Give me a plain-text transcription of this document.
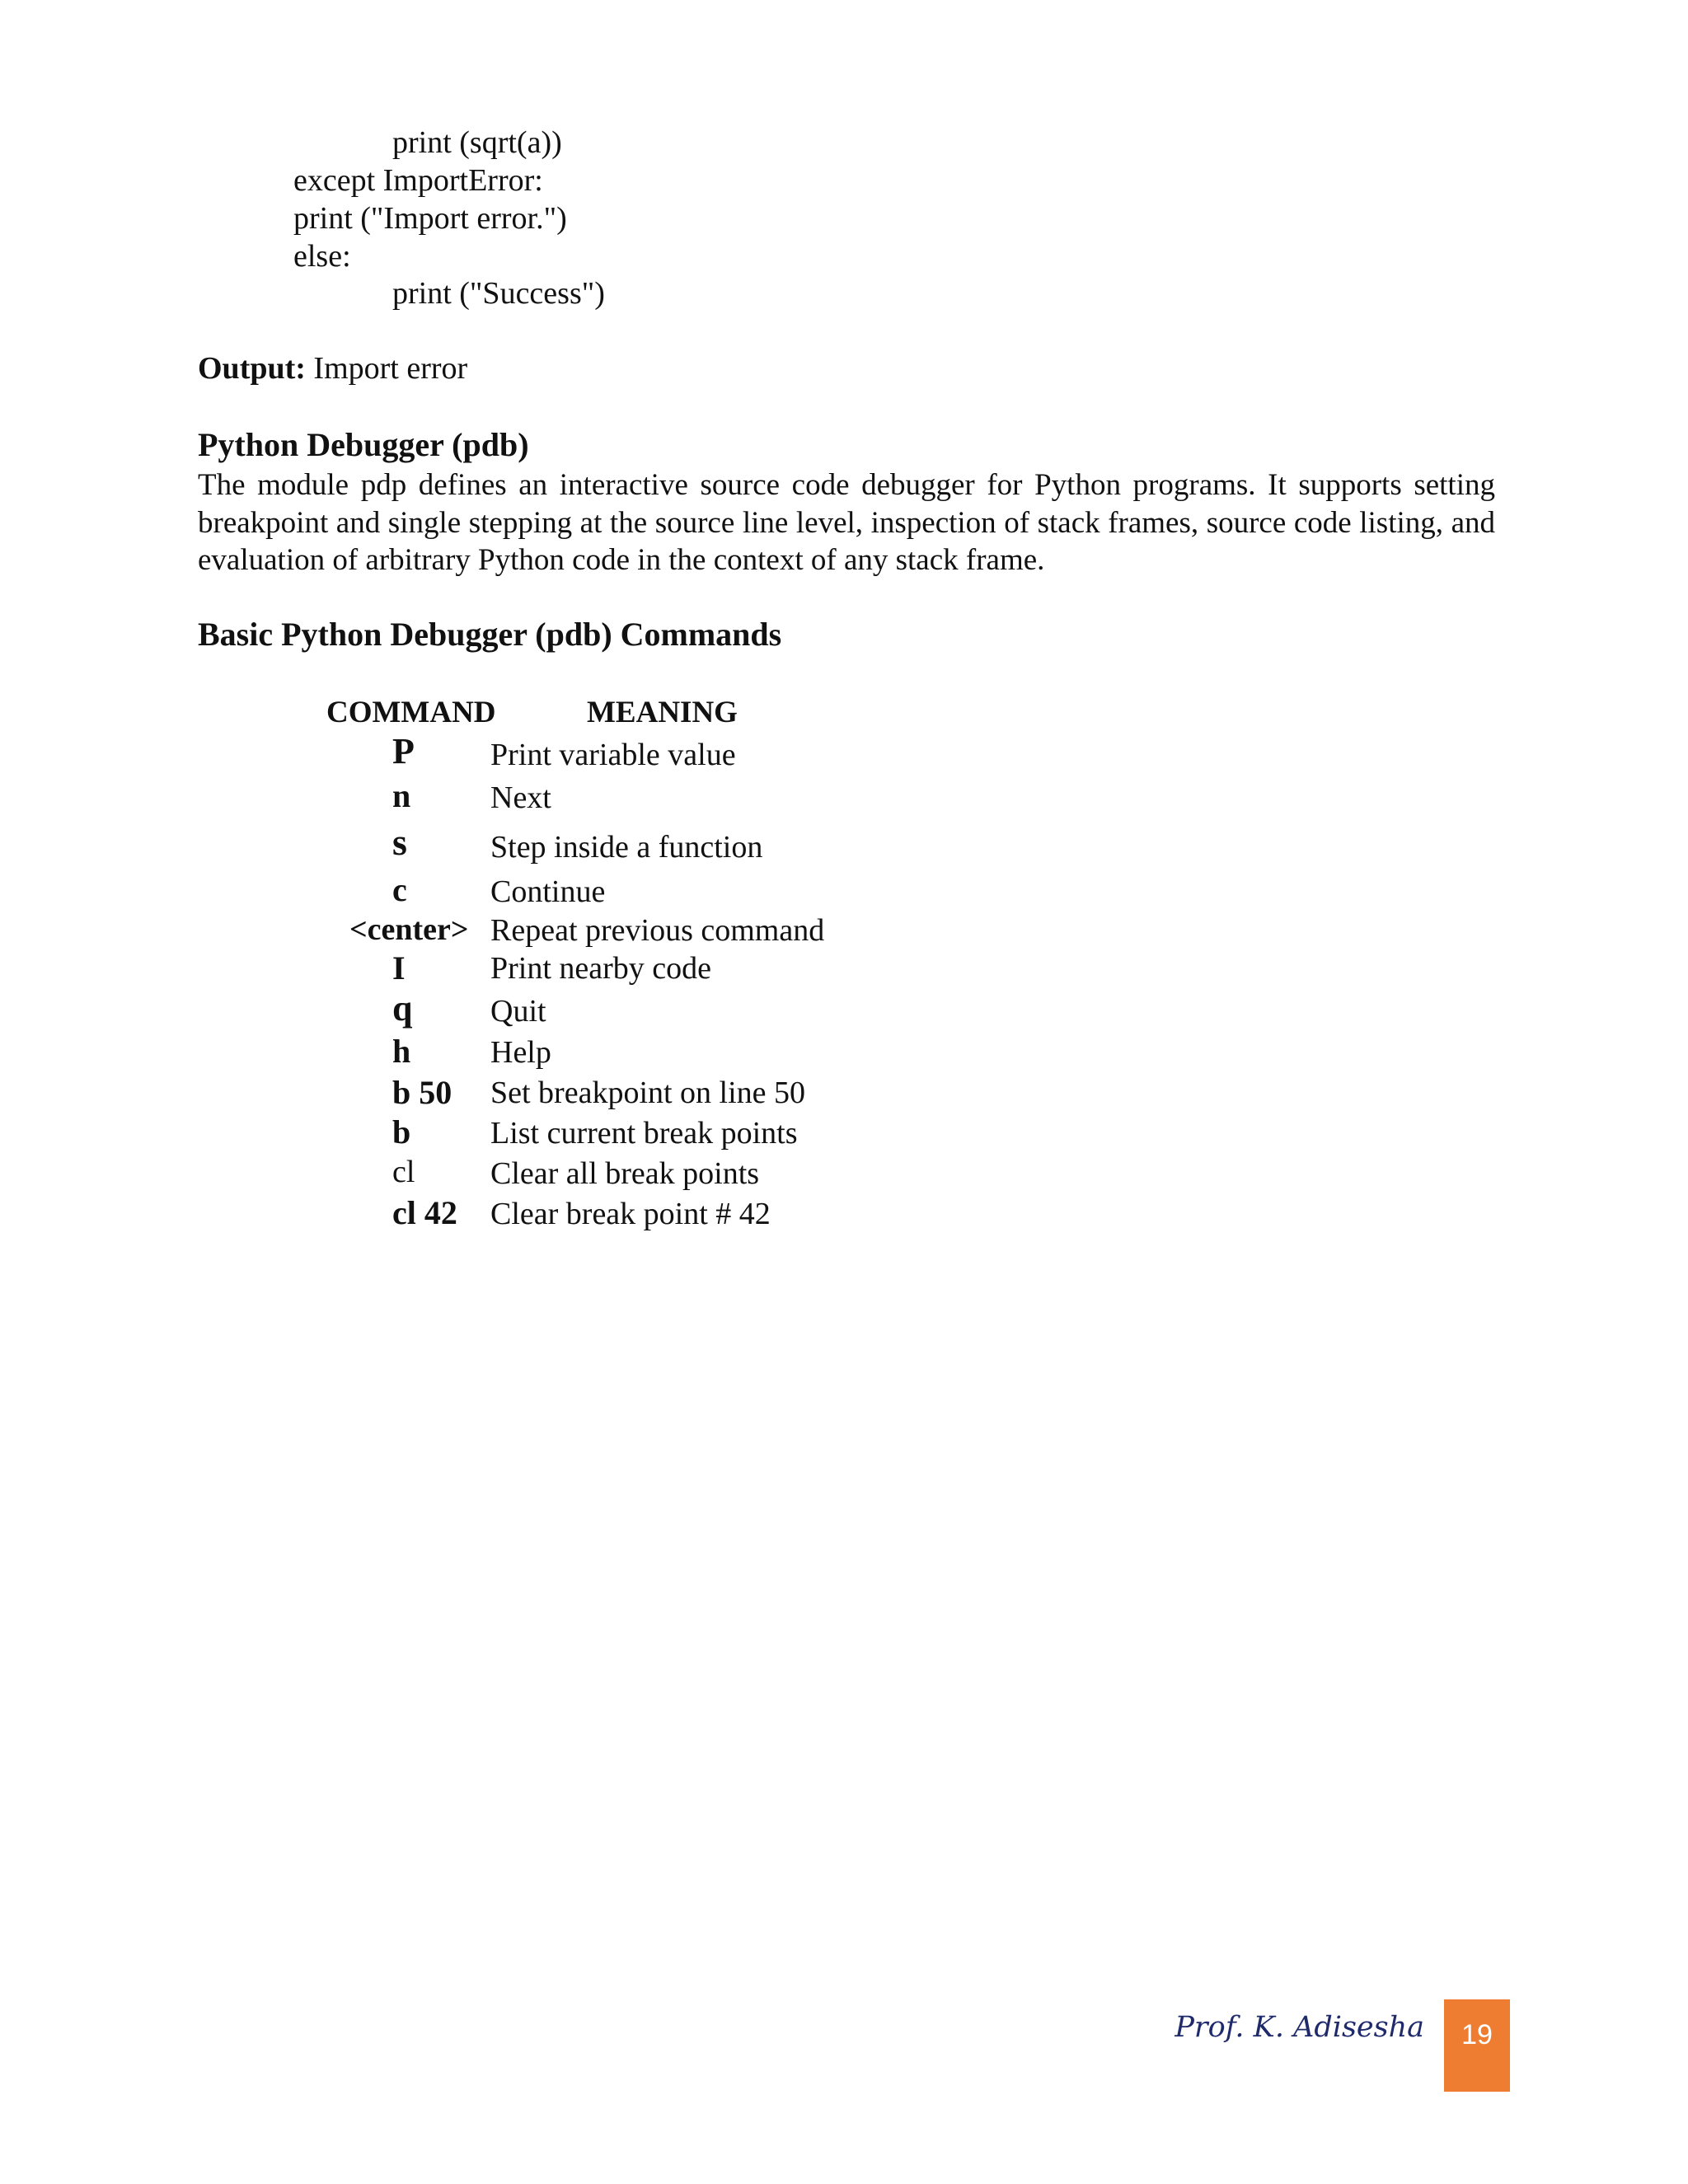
print (sqrt(a))
except ImportError:
print ("Import error.")
else:
print ("Success")
Output: Import error
Python Debugger (pdb)
The module pdp defines an interactive source code debugger for Python programs. It supports setting breakpoint and single stepping at the source line level, inspection of stack frames, source code listing, and evaluation of arbitrary Python code in the context of any stack frame.
Basic Python Debugger (pdb) Commands
COMMAND	MEANING
P Print variable value
n	Next
s	Step inside a function
c	Continue
<center> Repeat previous command
I	Print nearby code
q Quit
h	Help
b 50 Set breakpoint on line 50
b	List current break points
cl Clear all break points
cl 42 Clear break point # 42
Prof. K. Adisesha	19
